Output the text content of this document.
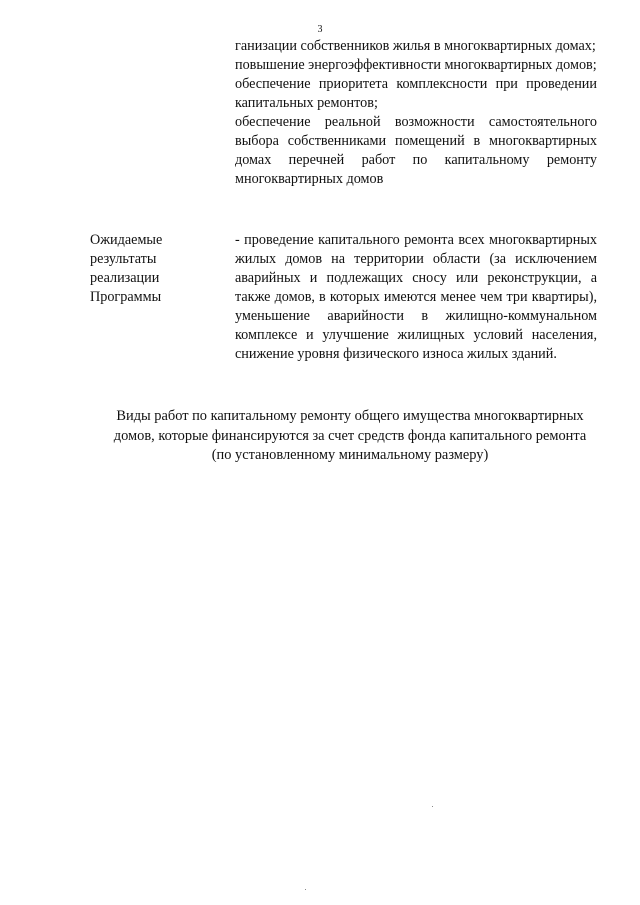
3

ганизации собственников жилья в многоквартирных домах;

повышение энергоэффективности многоквартирных домов;

обеспечение приоритета комплексности при проведении капитальных ремонтов;

обеспечение реальной возможности самостоятельного выбора собственниками помещений в многоквартирных домах перечней работ по капитальному ремонту многоквартирных домов

Ожидаемые
результаты
реализации
Программы

- проведение капитального ремонта всех многоквартирных жилых домов на территории области (за исключением аварийных и подлежащих сносу или реконструкции, а также домов, в которых имеются менее чем три квартиры), уменьшение аварийности в жилищно-коммунальном комплексе и улучшение жилищных условий населения, снижение уровня физического износа жилых зданий.

Виды работ по капитальному ремонту общего имущества многоквартирных
домов, которые финансируются за счет средств фонда капитального ремонта
(по установленному минимальному размеру)
